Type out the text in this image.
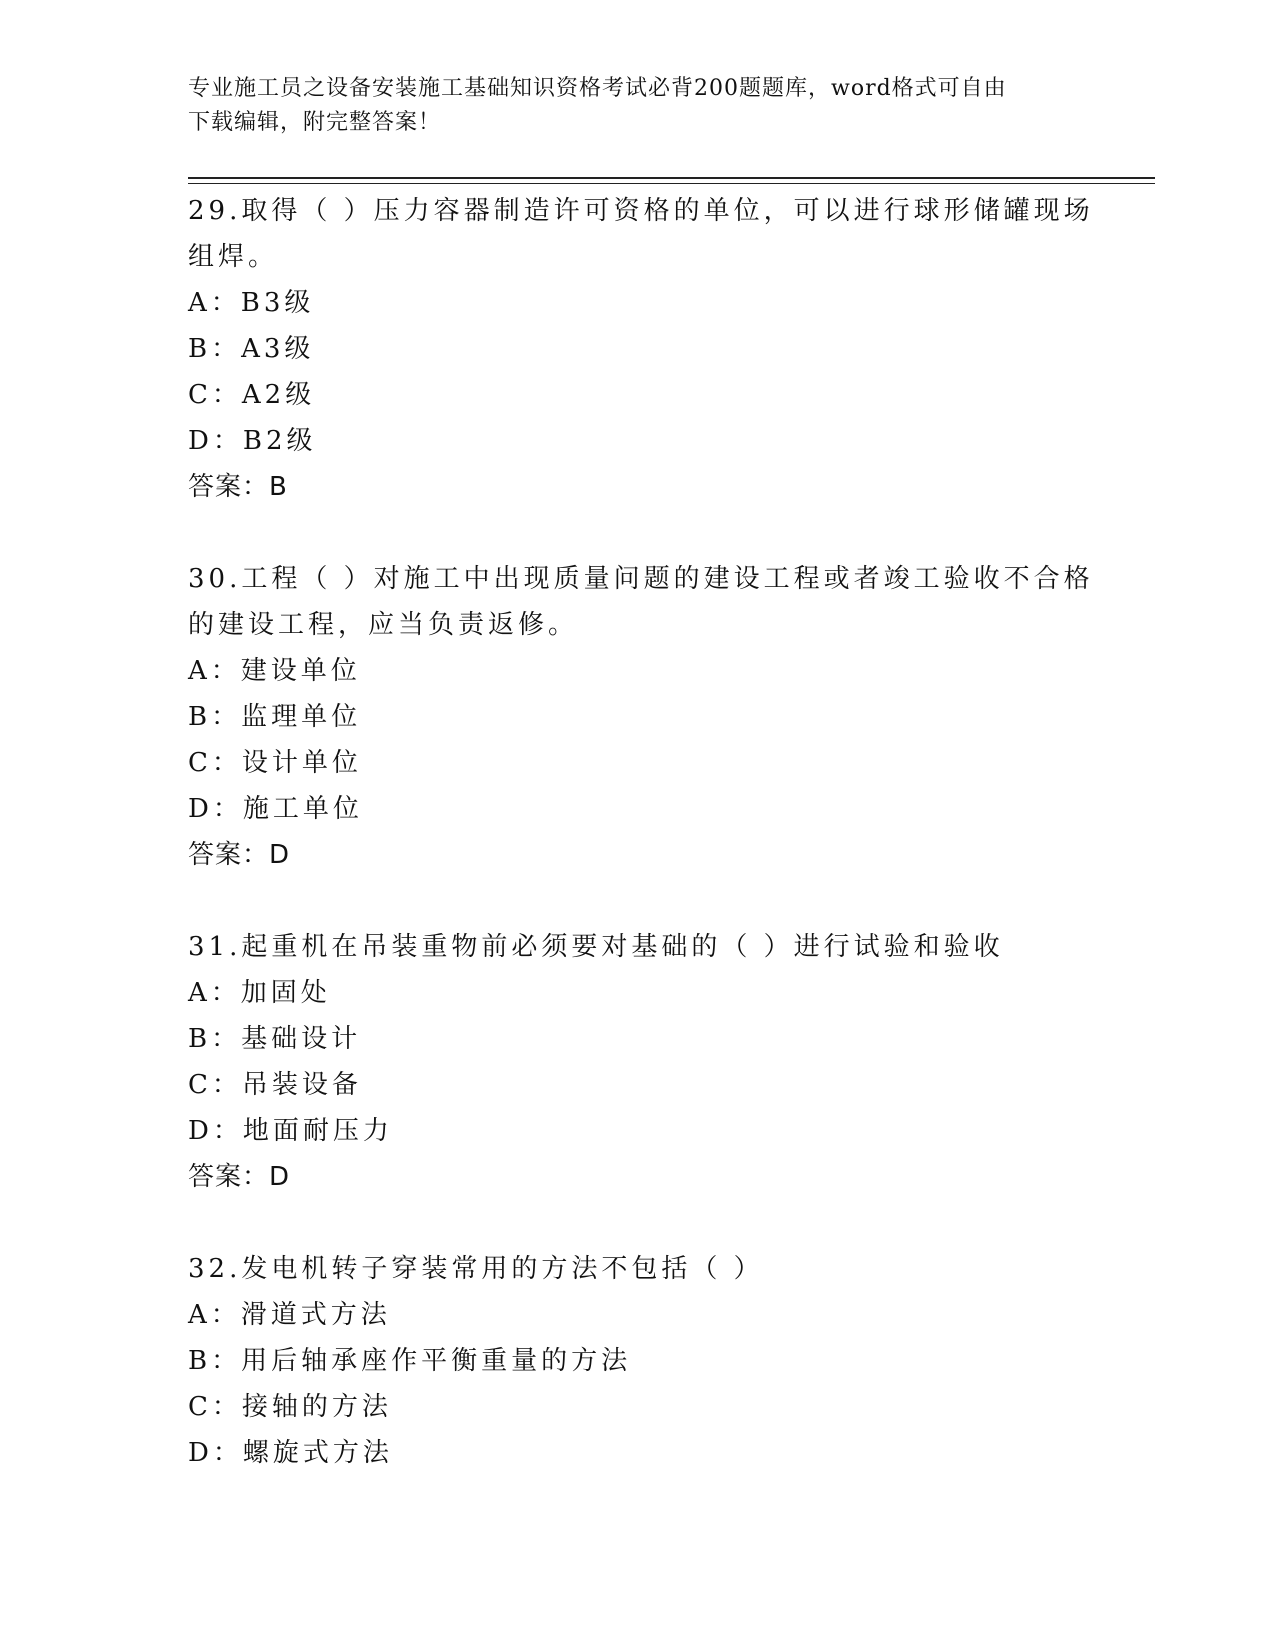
专业施工员之设备安装施工基础知识资格考试必背200题题库，word格式可自由
下载编辑，附完整答案！
29.取得（ ）压力容器制造许可资格的单位，可以进行球形储罐现场
组焊。
A：B3级
B：A3级
C：A2级
D：B2级
答案：B
30.工程（ ）对施工中出现质量问题的建设工程或者竣工验收不合格
的建设工程，应当负责返修。
A：建设单位
B：监理单位
C：设计单位
D：施工单位
答案：D
31.起重机在吊装重物前必须要对基础的（ ）进行试验和验收
A：加固处
B：基础设计
C：吊装设备
D：地面耐压力
答案：D
32.发电机转子穿装常用的方法不包括（ ）
A：滑道式方法
B：用后轴承座作平衡重量的方法
C：接轴的方法
D：螺旋式方法
